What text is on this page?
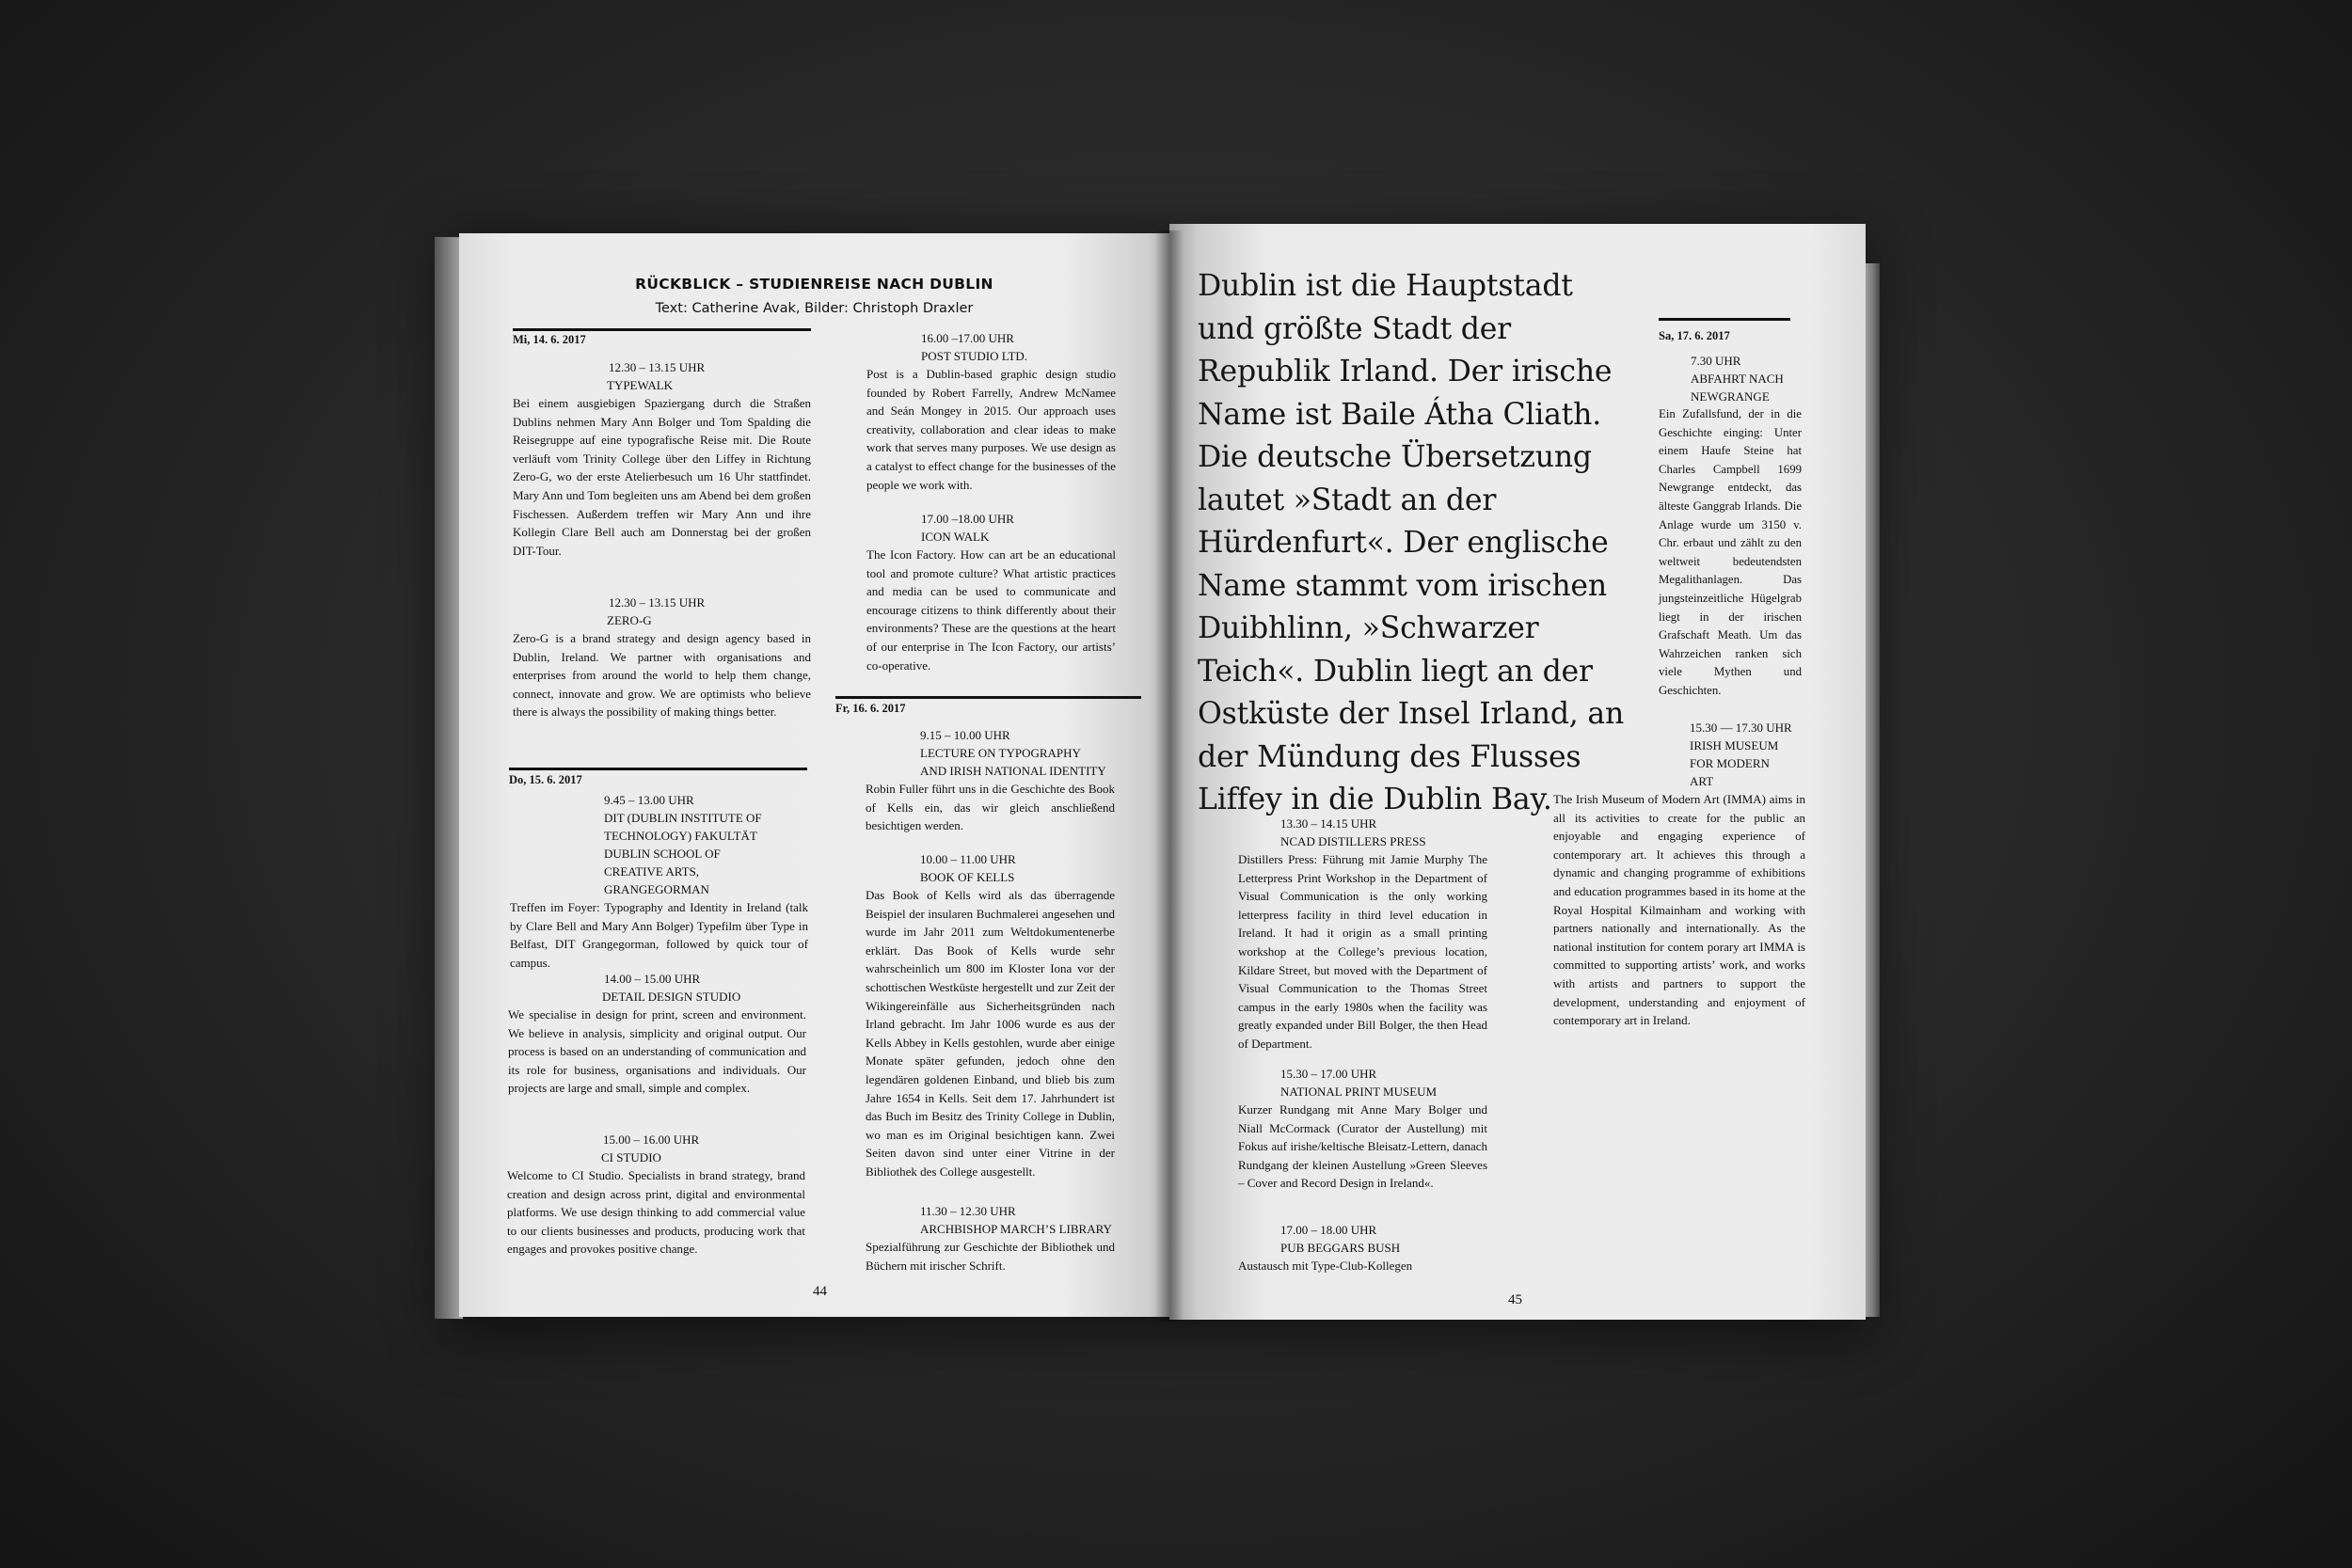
RÜCKBLICK – STUDIENREISE NACH DUBLIN
Text: Catherine Avak, Bilder: Christoph Draxler
Mi, 14. 6. 2017

12.30 – 13.15 UHR

TYPEWALK

Bei einem ausgiebigen Spaziergang durch die Straßen Dublins nehmen Mary Ann Bolger und Tom Spalding die Reisegruppe auf eine typografische Reise mit. Die Route verläuft vom Trinity College über den Liffey in Richtung Zero-G, wo der erste Atelierbesuch um 16 Uhr stattfindet. Mary Ann und Tom begleiten uns am Abend bei dem großen Fischessen. Außerdem treffen wir Mary Ann und ihre Kollegin Clare Bell auch am Donnerstag bei der großen DIT-Tour.

12.30 – 13.15 UHR

ZERO-G

Zero-G is a brand strategy and design agency based in Dublin, Ireland. We partner with organisations and enterprises from around the world to help them change, connect, innovate and grow. We are optimists who believe there is always the possibility of making things better.

Do, 15. 6. 2017

9.45 – 13.00 UHR

DIT (DUBLIN INSTITUTE OF TECHNOLOGY) FAKULTÄT DUBLIN SCHOOL OF CREATIVE ARTS, GRANGEGORMAN

Treffen im Foyer: Typography and Identity in Ireland (talk by Clare Bell and Mary Ann Bolger) Typefilm über Type in Belfast, DIT Grangegorman, followed by quick tour of campus.

14.00 – 15.00 UHR

DETAIL DESIGN STUDIO

We specialise in design for print, screen and environment. We believe in analysis, simplicity and original output. Our process is based on an understanding of communication and its role for business, organisations and individuals. Our projects are large and small, simple and complex.

15.00 – 16.00 UHR

CI STUDIO

Welcome to CI Studio. Specialists in brand strategy, brand creation and design across print, digital and environmental platforms. We use design thinking to add commercial value to our clients businesses and products, producing work that engages and provokes positive change.

16.00 –17.00 UHR

POST STUDIO LTD.

Post is a Dublin-based graphic design studio founded by Robert Farrelly, Andrew McNamee and Seán Mongey in 2015. Our approach uses creativity, collaboration and clear ideas to make work that serves many purposes. We use design as a catalyst to effect change for the businesses of the people we work with.

17.00 –18.00 UHR

ICON WALK

The Icon Factory. How can art be an educational tool and promote culture? What artistic practices and media can be used to communicate and encourage citizens to think differently about their environments? These are the questions at the heart of our enterprise in The Icon Factory, our artists’ co-operative.

Fr, 16. 6. 2017

9.15 – 10.00 UHR

LECTURE ON TYPOGRAPHY AND IRISH NATIONAL IDENTITY

Robin Fuller führt uns in die Geschichte des Book of Kells ein, das wir gleich anschließend besichtigen werden.

10.00 – 11.00 UHR

BOOK OF KELLS

Das Book of Kells wird als das überragende Beispiel der insularen Buchmalerei angesehen und wurde im Jahr 2011 zum Weltdokumentenerbe erklärt. Das Book of Kells wurde sehr wahrscheinlich um 800 im Kloster Iona vor der schottischen Westküste hergestellt und zur Zeit der Wikingereinfälle aus Sicherheitsgründen nach Irland gebracht. Im Jahr 1006 wurde es aus der Kells Abbey in Kells gestohlen, wurde aber einige Monate später gefunden, jedoch ohne den legendären goldenen Einband, und blieb bis zum Jahre 1654 in Kells. Seit dem 17. Jahrhundert ist das Buch im Besitz des Trinity College in Dublin, wo man es im Original besichtigen kann. Zwei Seiten davon sind unter einer Vitrine in der Bibliothek des College ausgestellt.

11.30 – 12.30 UHR

ARCHBISHOP MARCH’S LIBRARY

Spezialführung zur Geschichte der Bibliothek und Büchern mit irischer Schrift.

44
Dublin ist die Hauptstadt und größte Stadt der Republik Irland. Der irische Name ist Baile Átha Cliath. Die deutsche Übersetzung lautet »Stadt an der Hürdenfurt«. Der englische Name stammt vom irischen Duibhlinn, »Schwarzer Teich«. Dublin liegt an der Ostküste der Insel Irland, an der Mündung des Flusses Liffey in die Dublin Bay.

13.30 – 14.15 UHR

NCAD DISTILLERS PRESS

Distillers Press: Führung mit Jamie Murphy The Letterpress Print Workshop in the Department of Visual Communication is the only working letterpress facility in third level education in Ireland. It had it origin as a small printing workshop at the College’s previous location, Kildare Street, but moved with the Department of Visual Communication to the Thomas Street campus in the early 1980s when the facility was greatly expanded under Bill Bolger, the then Head of Department.

15.30 – 17.00 UHR

NATIONAL PRINT MUSEUM

Kurzer Rundgang mit Anne Mary Bolger und Niall McCormack (Curator der Austellung) mit Fokus auf irishe/keltische Bleisatz-Lettern, danach Rundgang der kleinen Austellung »Green Sleeves – Cover and Record Design in Ireland«.

17.00 – 18.00 UHR

PUB BEGGARS BUSH

Austausch mit Type-Club-Kollegen

Sa, 17. 6. 2017

7.30 UHR

ABFAHRT NACH NEWGRANGE

Ein Zufallsfund, der in die Geschichte einging: Unter einem Haufe Steine hat Charles Campbell 1699 Newgrange entdeckt, das älteste Ganggrab Irlands. Die Anlage wurde um 3150 v. Chr. erbaut und zählt zu den weltweit bedeutendsten Megalithanlagen. Das jungsteinzeitliche Hügelgrab liegt in der irischen Grafschaft Meath. Um das Wahrzeichen ranken sich viele Mythen und Geschichten.

15.30 — 17.30 UHR

IRISH MUSEUM FOR MODERN ART

The Irish Museum of Modern Art (IMMA) aims in all its activities to create for the public an enjoyable and engaging experience of contemporary art. It achieves this through a dynamic and changing programme of exhibitions and education programmes based in its home at the Royal Hospital Kilmainham and working with partners nationally and internationally. As the national institution for contem porary art IMMA is committed to supporting artists’ work, and works with artists and partners to support the development, understanding and enjoyment of contemporary art in Ireland.

45
